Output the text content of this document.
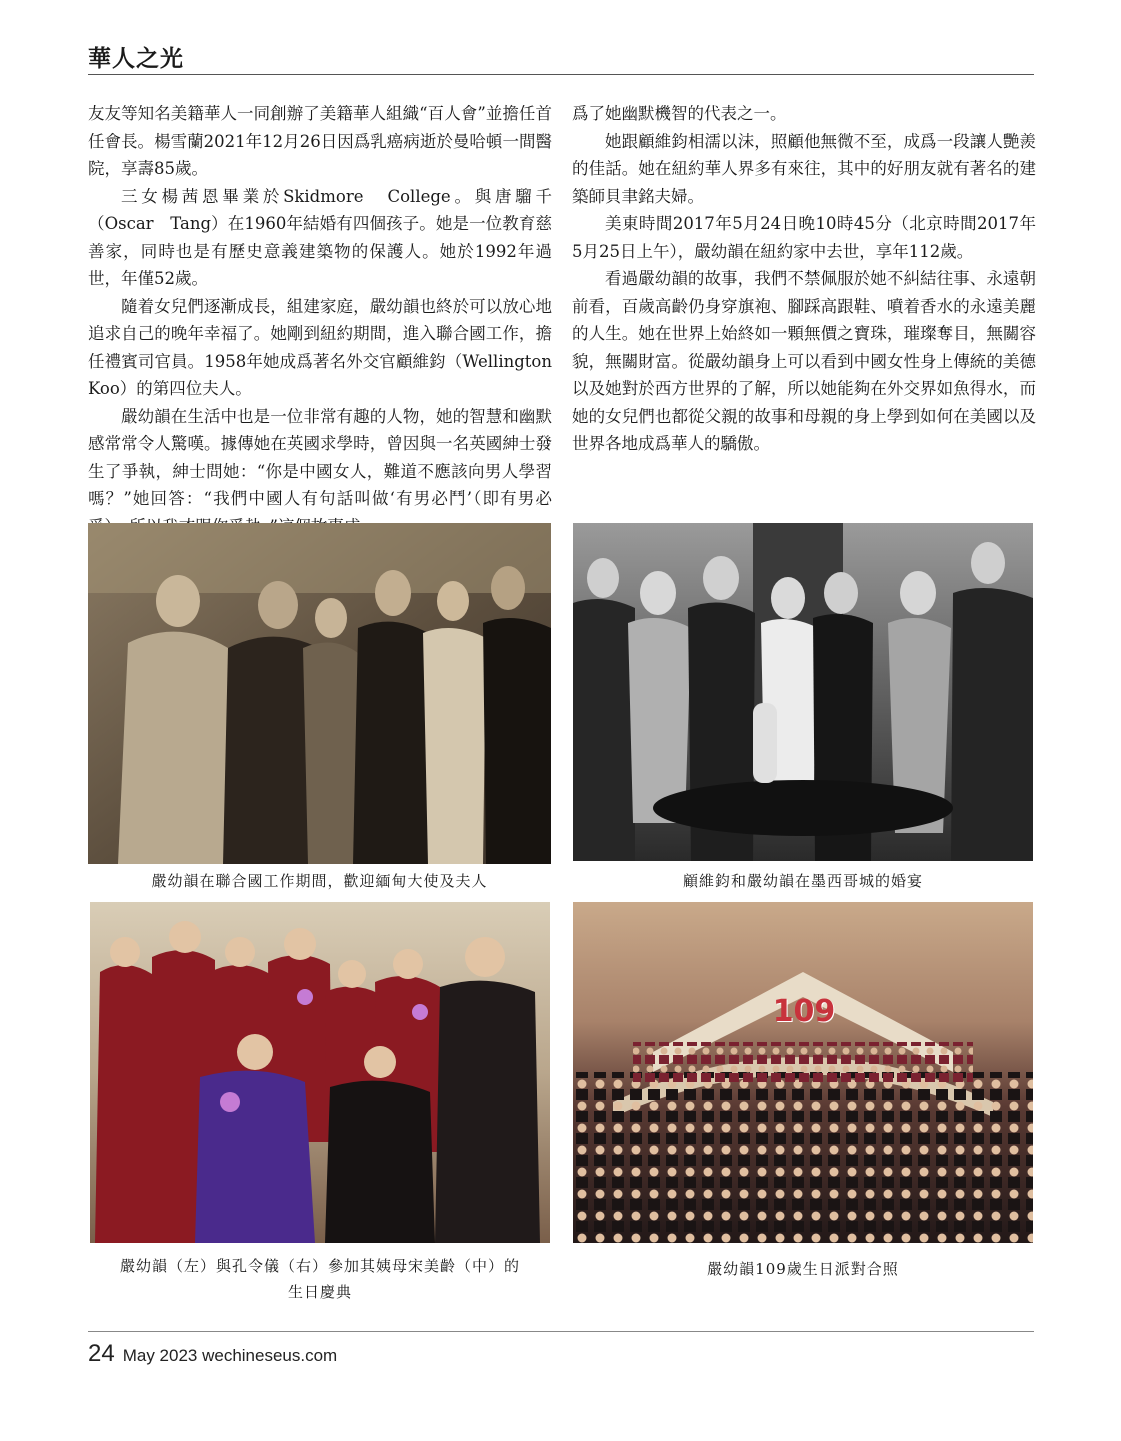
華人之光

友友等知名美籍華人一同創辦了美籍華人組織“百人會”並擔任首任會長。楊雪蘭2021年12月26日因爲乳癌病逝於曼哈頓一間醫院，享壽85歲。

三女楊茜恩畢業於Skidmore　College。與唐騮千（Oscar　Tang）在1960年結婚有四個孩子。她是一位教育慈善家，同時也是有歷史意義建築物的保護人。她於1992年過世，年僅52歲。

隨着女兒們逐漸成長，組建家庭，嚴幼韻也終於可以放心地追求自己的晚年幸福了。她剛到紐約期間，進入聯合國工作，擔任禮賓司官員。1958年她成爲著名外交官顧維鈞（Wellington Koo）的第四位夫人。

嚴幼韻在生活中也是一位非常有趣的人物，她的智慧和幽默感常常令人驚嘆。據傳她在英國求學時，曾因與一名英國紳士發生了爭執，紳士問她：“你是中國女人，難道不應該向男人學習嗎？”她回答：“我們中國人有句話叫做‘有男必鬥’（即有男必

爲了她幽默機智的代表之一。

她跟顧維鈞相濡以沫，照顧他無微不至，成爲一段讓人艷羨的佳話。她在紐約華人界多有來往，其中的好朋友就有著名的建築師貝聿銘夫婦。

美東時間2017年5月24日晚10時45分（北京時間2017年5月25日上午），嚴幼韻在紐約家中去世，享年112歲。

看過嚴幼韻的故事，我們不禁佩服於她不糾結往事、永遠朝前看，百歲高齡仍身穿旗袍、腳踩高跟鞋、噴着香水的永遠美麗的人生。她在世界上始終如一顆無價之寶珠，璀璨奪目，無關容貌，無關財富。從嚴幼韻身上可以看到中國女性身上傳統的美德以及她對於西方世界的了解，所以她能夠在外交界如魚得水，而她的女兒們也都從父親的故事和母親的身上學到如何在美國以及世界各地成爲華人的驕傲。

嚴幼韻在聯合國工作期間，歡迎緬甸大使及夫人	顧維鈞和嚴幼韻在墨西哥城的婚宴
嚴幼韻（左）與孔令儀（右）參加其姨母宋美齡（中）的
生日慶典
109
嚴幼韻109歲生日派對合照
24 May 2023 wechineseus.com
